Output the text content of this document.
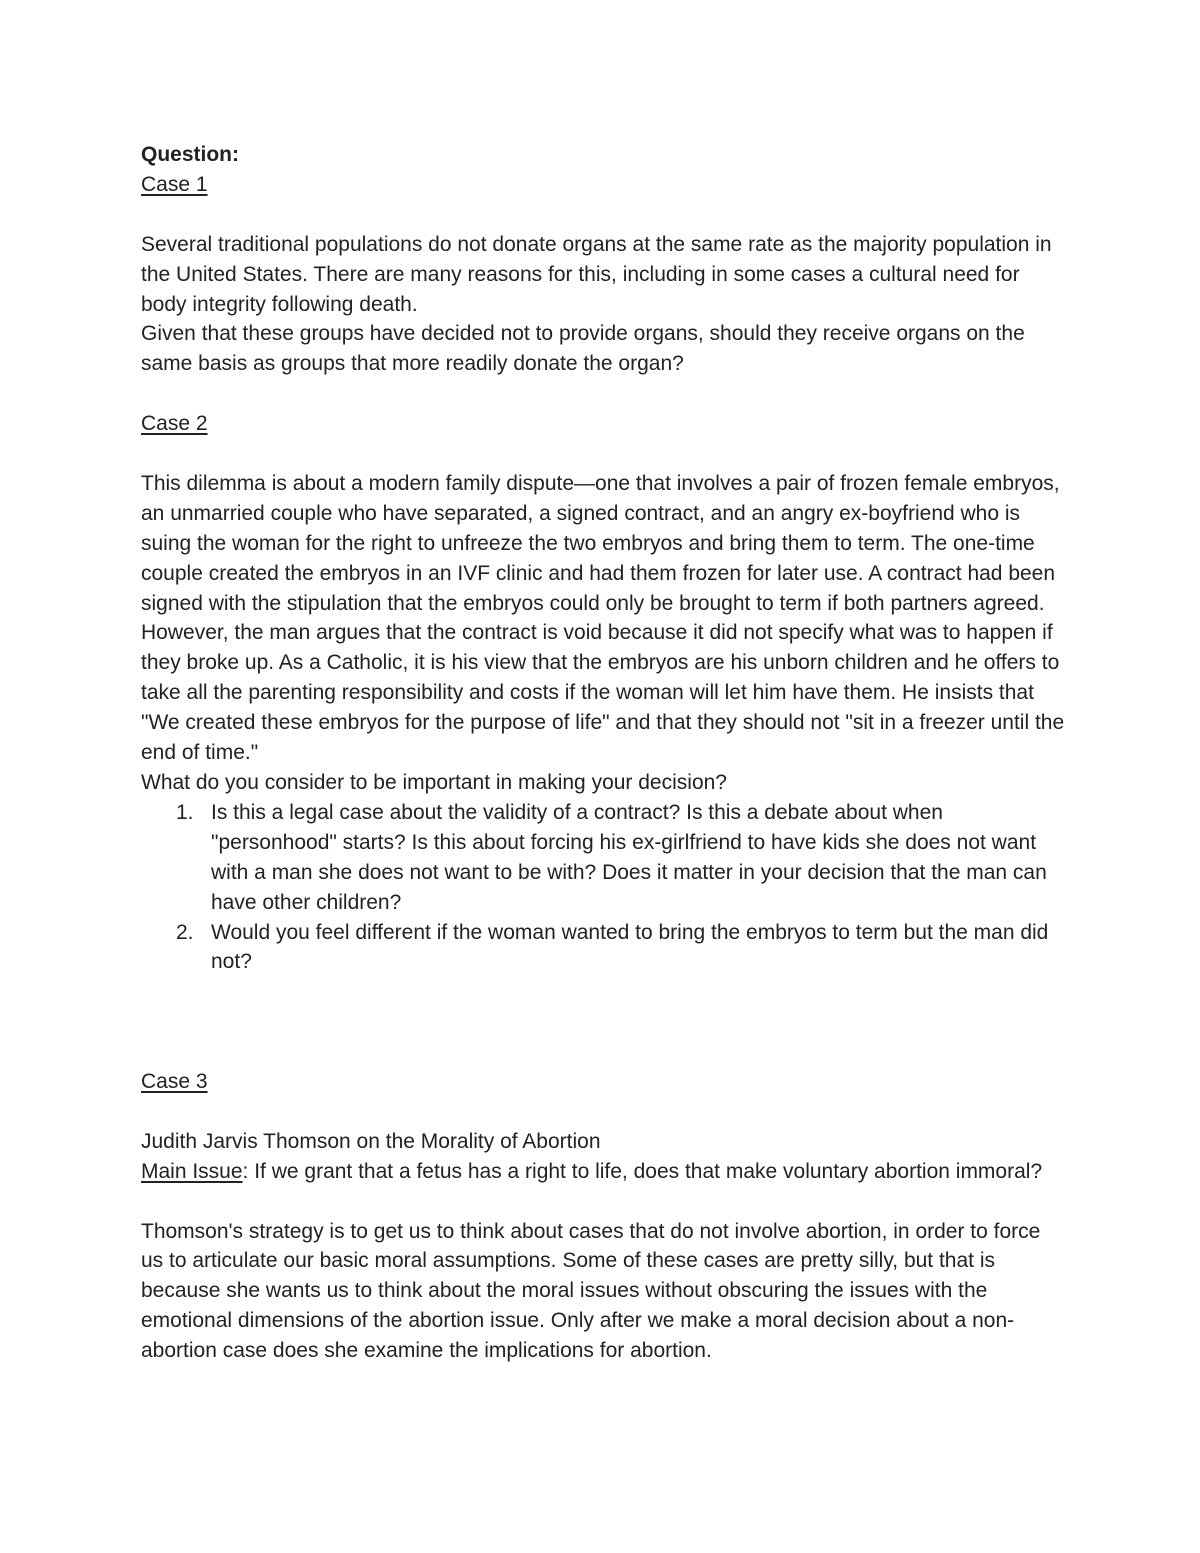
Question:

Case 1

Several traditional populations do not donate organs at the same rate as the majority population in the United States. There are many reasons for this, including in some cases a cultural need for body integrity following death.

Given that these groups have decided not to provide organs, should they receive organs on the same basis as groups that more readily donate the organ?

Case 2

This dilemma is about a modern family dispute—one that involves a pair of frozen female embryos, an unmarried couple who have separated, a signed contract, and an angry ex-boyfriend who is suing the woman for the right to unfreeze the two embryos and bring them to term. The one-time couple created the embryos in an IVF clinic and had them frozen for later use. A contract had been signed with the stipulation that the embryos could only be brought to term if both partners agreed. However, the man argues that the contract is void because it did not specify what was to happen if they broke up. As a Catholic, it is his view that the embryos are his unborn children and he offers to take all the parenting responsibility and costs if the woman will let him have them. He insists that "We created these embryos for the purpose of life" and that they should not "sit in a freezer until the end of time."

What do you consider to be important in making your decision?

1. Is this a legal case about the validity of a contract? Is this a debate about when "personhood" starts? Is this about forcing his ex-girlfriend to have kids she does not want with a man she does not want to be with? Does it matter in your decision that the man can have other children?
2. Would you feel different if the woman wanted to bring the embryos to term but the man did not?

Case 3

Judith Jarvis Thomson on the Morality of Abortion

Main Issue: If we grant that a fetus has a right to life, does that make voluntary abortion immoral?

Thomson's strategy is to get us to think about cases that do not involve abortion, in order to force us to articulate our basic moral assumptions. Some of these cases are pretty silly, but that is because she wants us to think about the moral issues without obscuring the issues with the emotional dimensions of the abortion issue. Only after we make a moral decision about a non-abortion case does she examine the implications for abortion.
